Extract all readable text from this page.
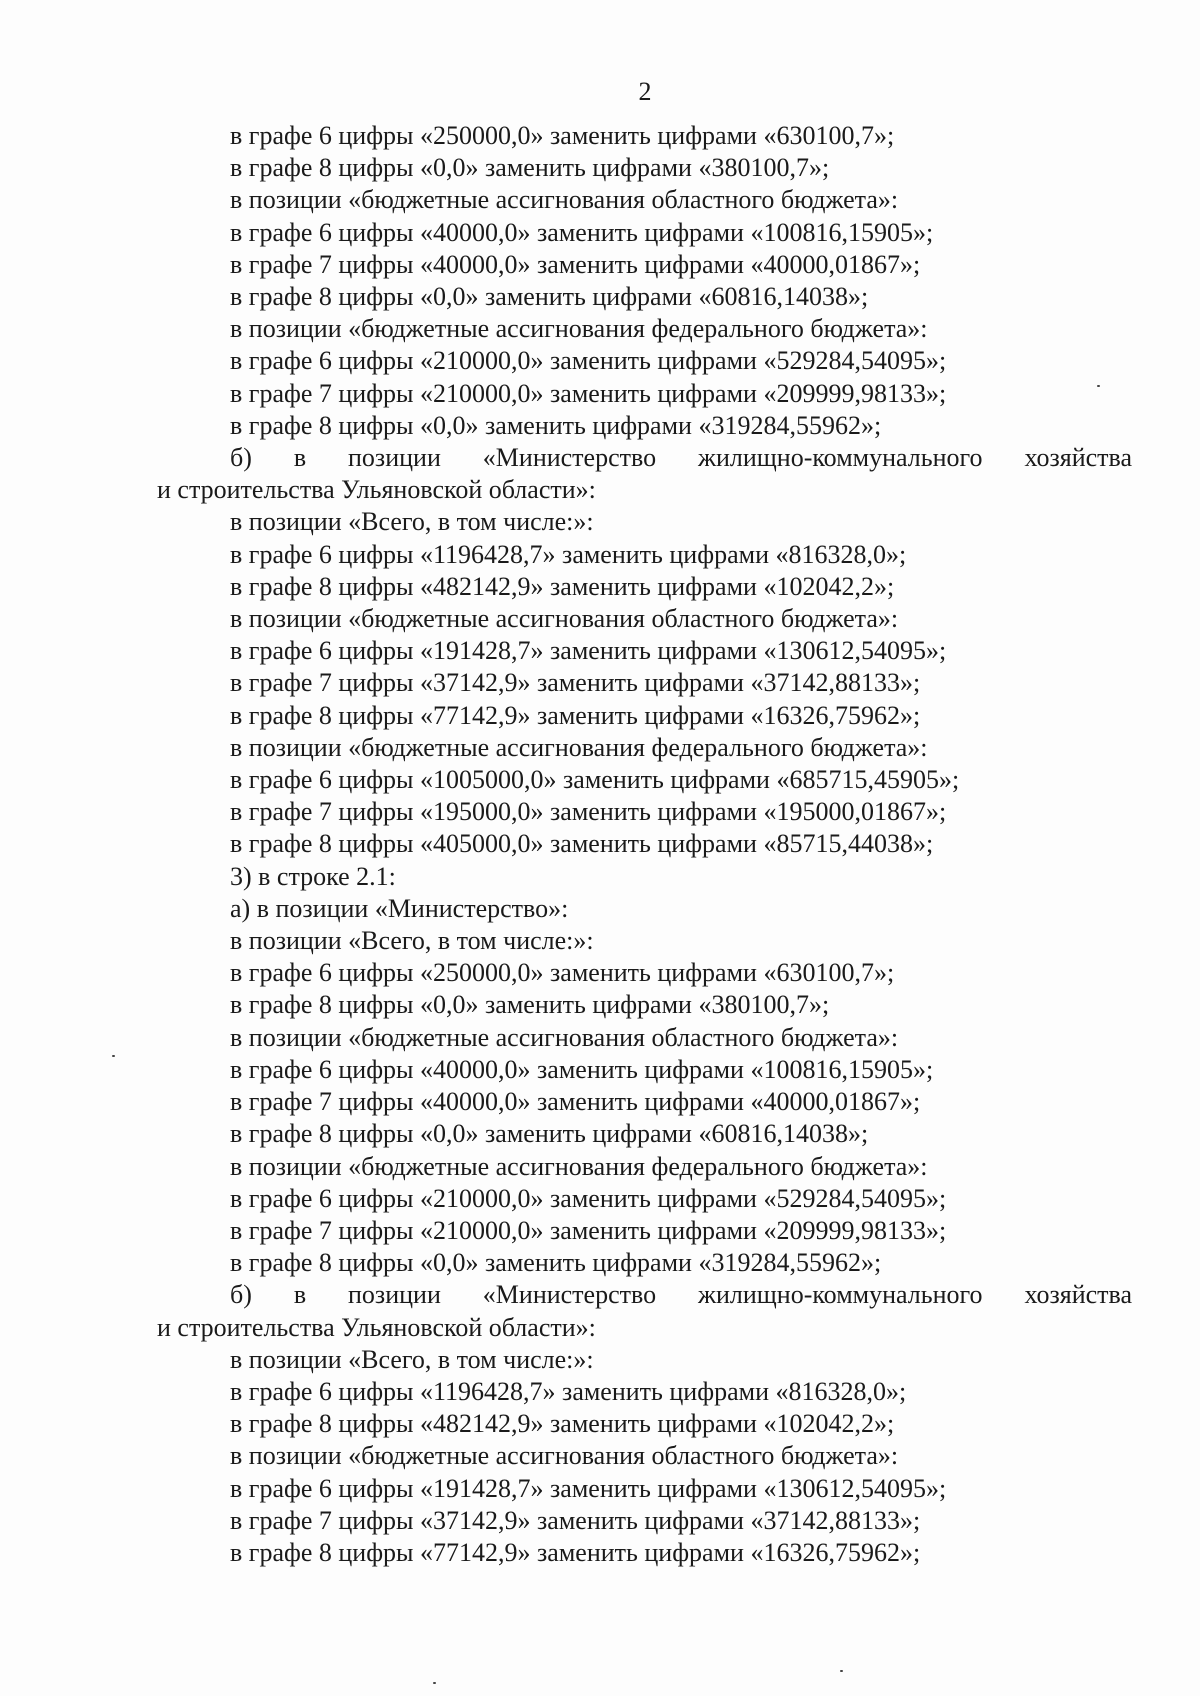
2
в графе 6 цифры «250000,0» заменить цифрами «630100,7»;
в графе 8 цифры «0,0» заменить цифрами «380100,7»;
в позиции «бюджетные ассигнования областного бюджета»:
в графе 6 цифры «40000,0» заменить цифрами «100816,15905»;
в графе 7 цифры «40000,0» заменить цифрами «40000,01867»;
в графе 8 цифры «0,0» заменить цифрами «60816,14038»;
в позиции «бюджетные ассигнования федерального бюджета»:
в графе 6 цифры «210000,0» заменить цифрами «529284,54095»;
в графе 7 цифры «210000,0» заменить цифрами «209999,98133»;
в графе 8 цифры «0,0» заменить цифрами «319284,55962»;
б) в позиции «Министерство жилищно-коммунального хозяйства
и строительства Ульяновской области»:
в позиции «Всего, в том числе:»:
в графе 6 цифры «1196428,7» заменить цифрами «816328,0»;
в графе 8 цифры «482142,9» заменить цифрами «102042,2»;
в позиции «бюджетные ассигнования областного бюджета»:
в графе 6 цифры «191428,7» заменить цифрами «130612,54095»;
в графе 7 цифры «37142,9» заменить цифрами «37142,88133»;
в графе 8 цифры «77142,9» заменить цифрами «16326,75962»;
в позиции «бюджетные ассигнования федерального бюджета»:
в графе 6 цифры «1005000,0» заменить цифрами «685715,45905»;
в графе 7 цифры «195000,0» заменить цифрами «195000,01867»;
в графе 8 цифры «405000,0» заменить цифрами «85715,44038»;
3) в строке 2.1:
а) в позиции «Министерство»:
в позиции «Всего, в том числе:»:
в графе 6 цифры «250000,0» заменить цифрами «630100,7»;
в графе 8 цифры «0,0» заменить цифрами «380100,7»;
в позиции «бюджетные ассигнования областного бюджета»:
в графе 6 цифры «40000,0» заменить цифрами «100816,15905»;
в графе 7 цифры «40000,0» заменить цифрами «40000,01867»;
в графе 8 цифры «0,0» заменить цифрами «60816,14038»;
в позиции «бюджетные ассигнования федерального бюджета»:
в графе 6 цифры «210000,0» заменить цифрами «529284,54095»;
в графе 7 цифры «210000,0» заменить цифрами «209999,98133»;
в графе 8 цифры «0,0» заменить цифрами «319284,55962»;
б) в позиции «Министерство жилищно-коммунального хозяйства
и строительства Ульяновской области»:
в позиции «Всего, в том числе:»:
в графе 6 цифры «1196428,7» заменить цифрами «816328,0»;
в графе 8 цифры «482142,9» заменить цифрами «102042,2»;
в позиции «бюджетные ассигнования областного бюджета»:
в графе 6 цифры «191428,7» заменить цифрами «130612,54095»;
в графе 7 цифры «37142,9» заменить цифрами «37142,88133»;
в графе 8 цифры «77142,9» заменить цифрами «16326,75962»;
